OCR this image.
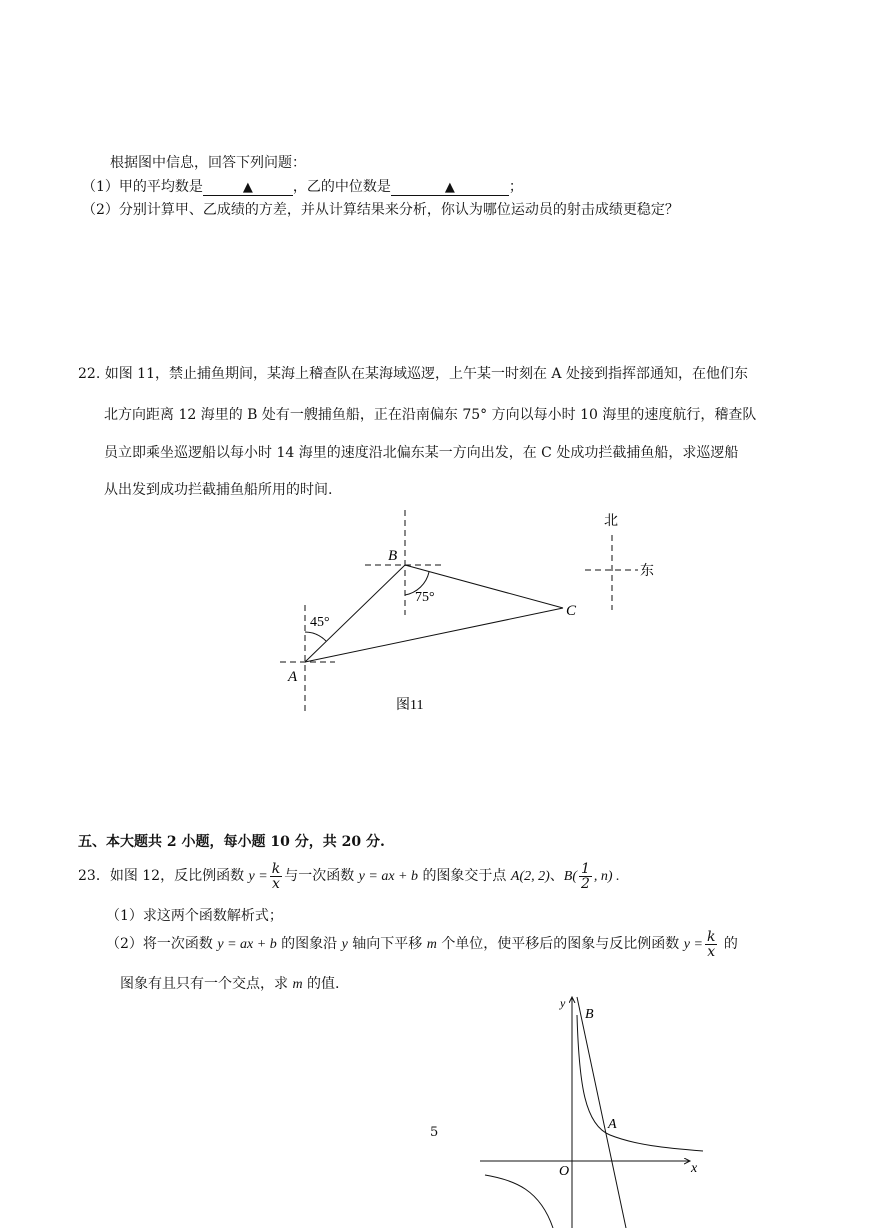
根据图中信息，回答下列问题：
（1）甲的平均数是	▲	，乙的中位数是	▲	；
（2）分别计算甲、乙成绩的方差，并从计算结果来分析，你认为哪位运动员的射击成绩更稳定？
22. 如图 11，禁止捕鱼期间，某海上稽查队在某海域巡逻，上午某一时刻在 A 处接到指挥部通知，在他们东
北方向距离 12 海里的 B 处有一艘捕鱼船，正在沿南偏东 75° 方向以每小时 10 海里的速度航行，稽查队
员立即乘坐巡逻船以每小时 14 海里的速度沿北偏东某一方向出发，在 C 处成功拦截捕鱼船，求巡逻船
从出发到成功拦截捕鱼船所用的时间.
A
B
C
45°
75°
图11
北
东
五、本大题共 2 小题，每小题 10 分，共 20 分.
23．如图 12，反比例函数 $y = \frac{k}{x}$ 与一次函数 y = ax + b 的图象交于点 A(2, 2)、$B( \frac{1}{2}$ , n) .
（1）求这两个函数解析式；
（2）将一次函数 y = ax + b 的图象沿 y 轴向下平移 m 个单位，使平移后的图象与反比例函数 $y = \frac{k}{x}$ 的
图象有且只有一个交点，求 m 的值.
y
B
A
O	x
5
